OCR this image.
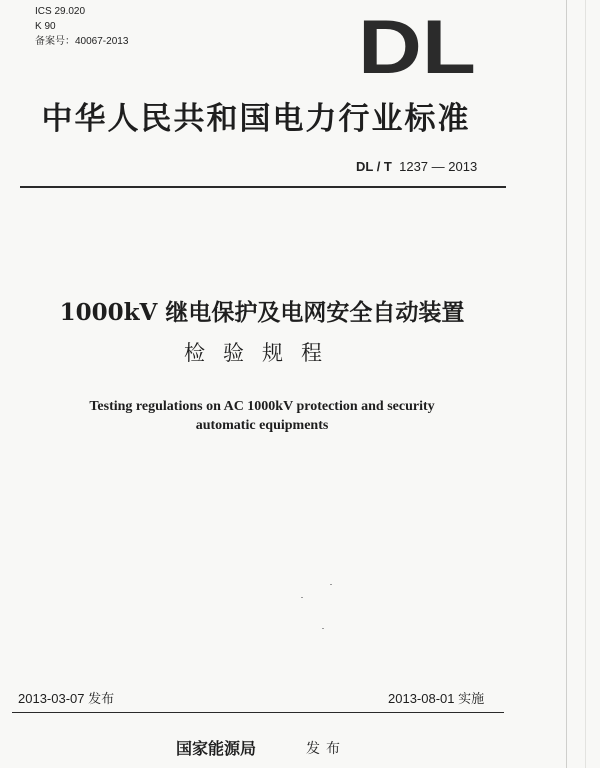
ICS 29.020
K 90
备案号：40067-2013	DL
中华人民共和国电力行业标准
DL / T 1237 — 2013
1000kV 继电保护及电网安全自动装置
检验规程
Testing regulations on AC 1000kV protection and security
automatic equipments
2013-03-07 发布	2013-08-01 实施
国家能源局	发布
